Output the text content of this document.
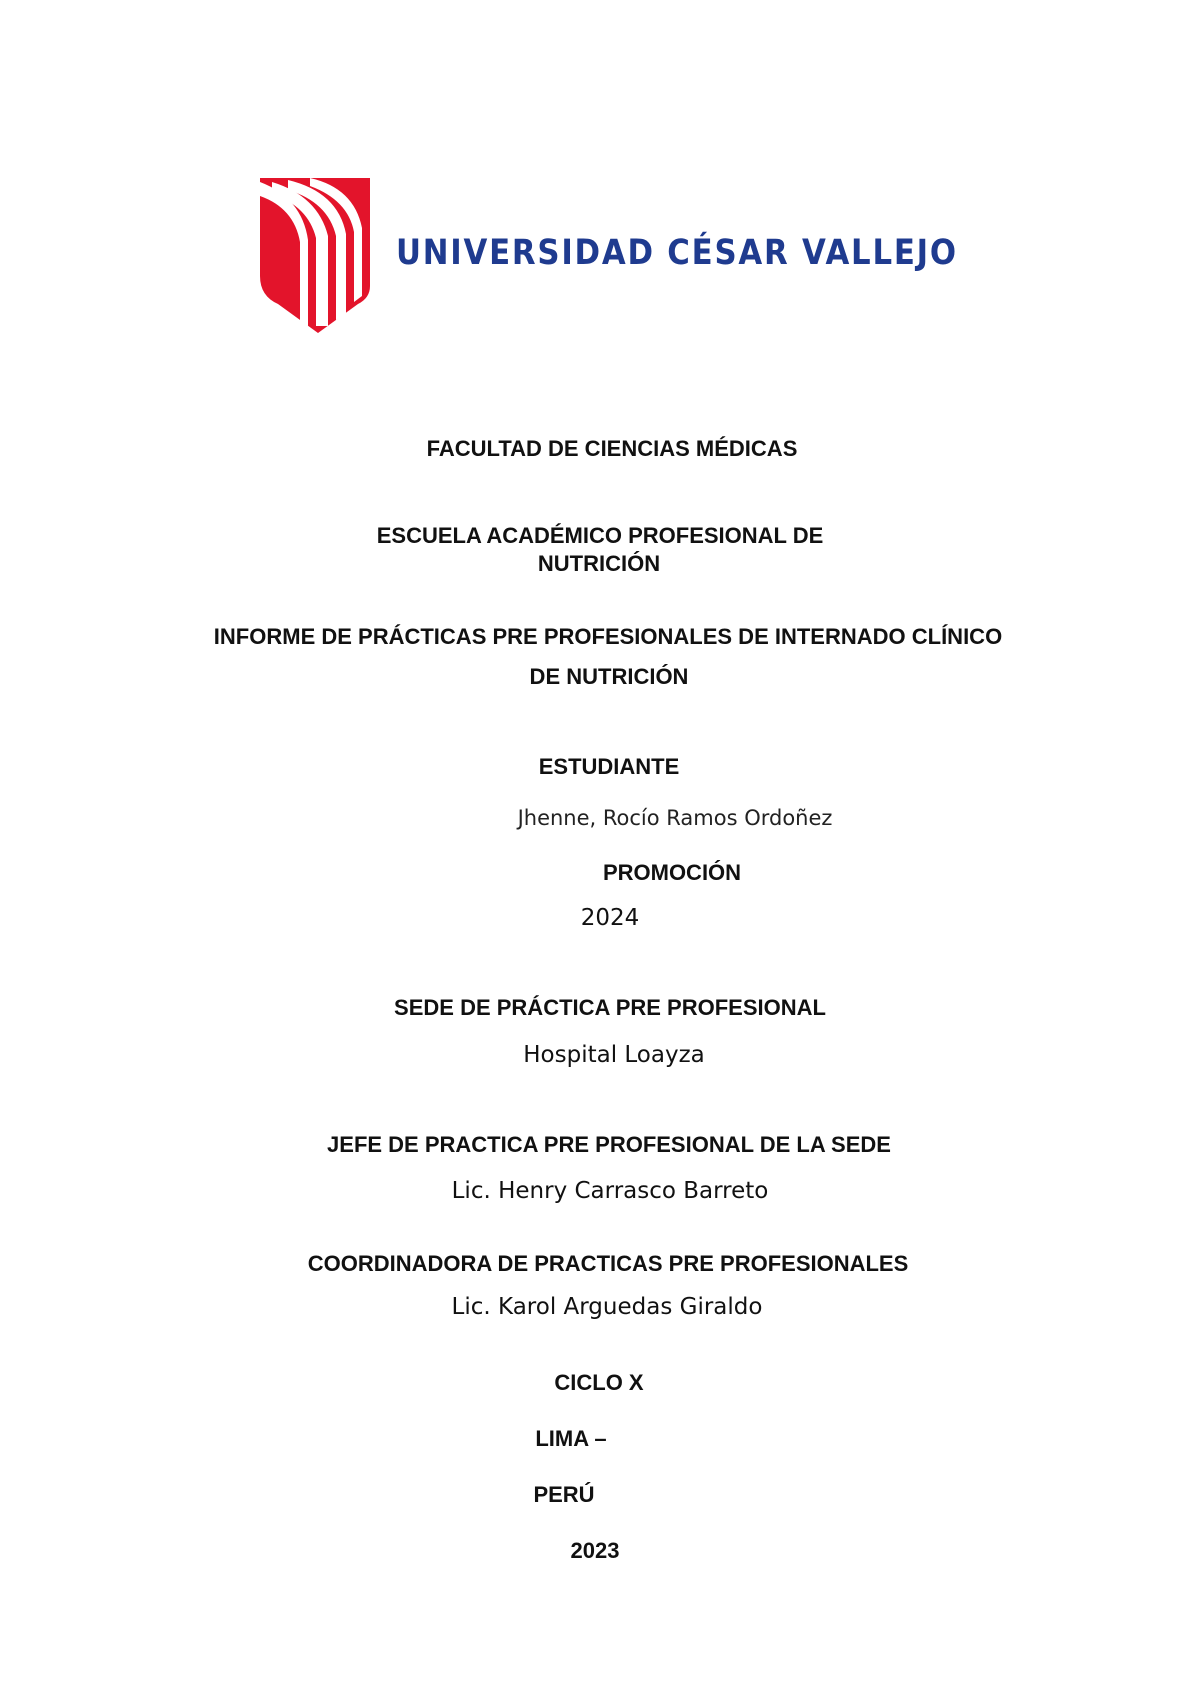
UNIVERSIDAD CÉSAR VALLEJO
FACULTAD DE CIENCIAS MÉDICAS
ESCUELA ACADÉMICO PROFESIONAL DE
NUTRICIÓN
INFORME DE PRÁCTICAS PRE PROFESIONALES DE INTERNADO CLÍNICO
DE NUTRICIÓN
ESTUDIANTE
Jhenne, Rocío Ramos Ordoñez
PROMOCIÓN
2024
SEDE DE PRÁCTICA PRE PROFESIONAL
Hospital Loayza
JEFE DE PRACTICA PRE PROFESIONAL DE LA SEDE
Lic. Henry Carrasco Barreto
COORDINADORA DE PRACTICAS PRE PROFESIONALES
Lic. Karol Arguedas Giraldo
CICLO X
LIMA –
PERÚ
2023
